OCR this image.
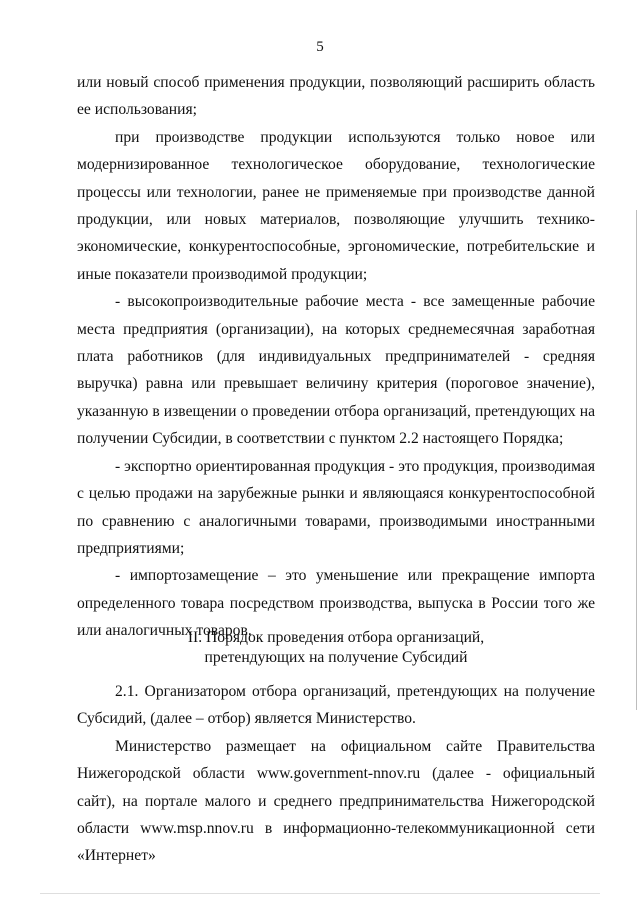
5

или новый способ применения продукции, позволяющий расширить область ее использования;

при производстве продукции используются только новое или модернизированное технологическое оборудование, технологические процессы или технологии, ранее не применяемые при производстве данной продукции, или новых материалов, позволяющие улучшить технико-экономические, конкурентоспособные, эргономические, потребительские и иные показатели производимой продукции;

- высокопроизводительные рабочие места - все замещенные рабочие места предприятия (организации), на которых среднемесячная заработная плата работников (для индивидуальных предпринимателей - средняя выручка) равна или превышает величину критерия (пороговое значение), указанную в извещении о проведении отбора организаций, претендующих на получении Субсидии, в соответствии с пунктом 2.2 настоящего Порядка;

- экспортно ориентированная продукция - это продукция, производимая с целью продажи на зарубежные рынки и являющаяся конкурентоспособной по сравнению с аналогичными товарами, производимыми иностранными предприятиями;

- импортозамещение – это уменьшение или прекращение импорта определенного товара посредством производства, выпуска в России того же или аналогичных товаров.

II. Порядок проведения отбора организаций,
претендующих на получение Субсидий

2.1. Организатором отбора организаций, претендующих на получение Субсидий, (далее – отбор) является Министерство.

Министерство размещает на официальном сайте Правительства Нижегородской области www.government-nnov.ru (далее - официальный сайт), на портале малого и среднего предпринимательства Нижегородской области www.msp.nnov.ru в информационно-телекоммуникационной сети «Интернет»
